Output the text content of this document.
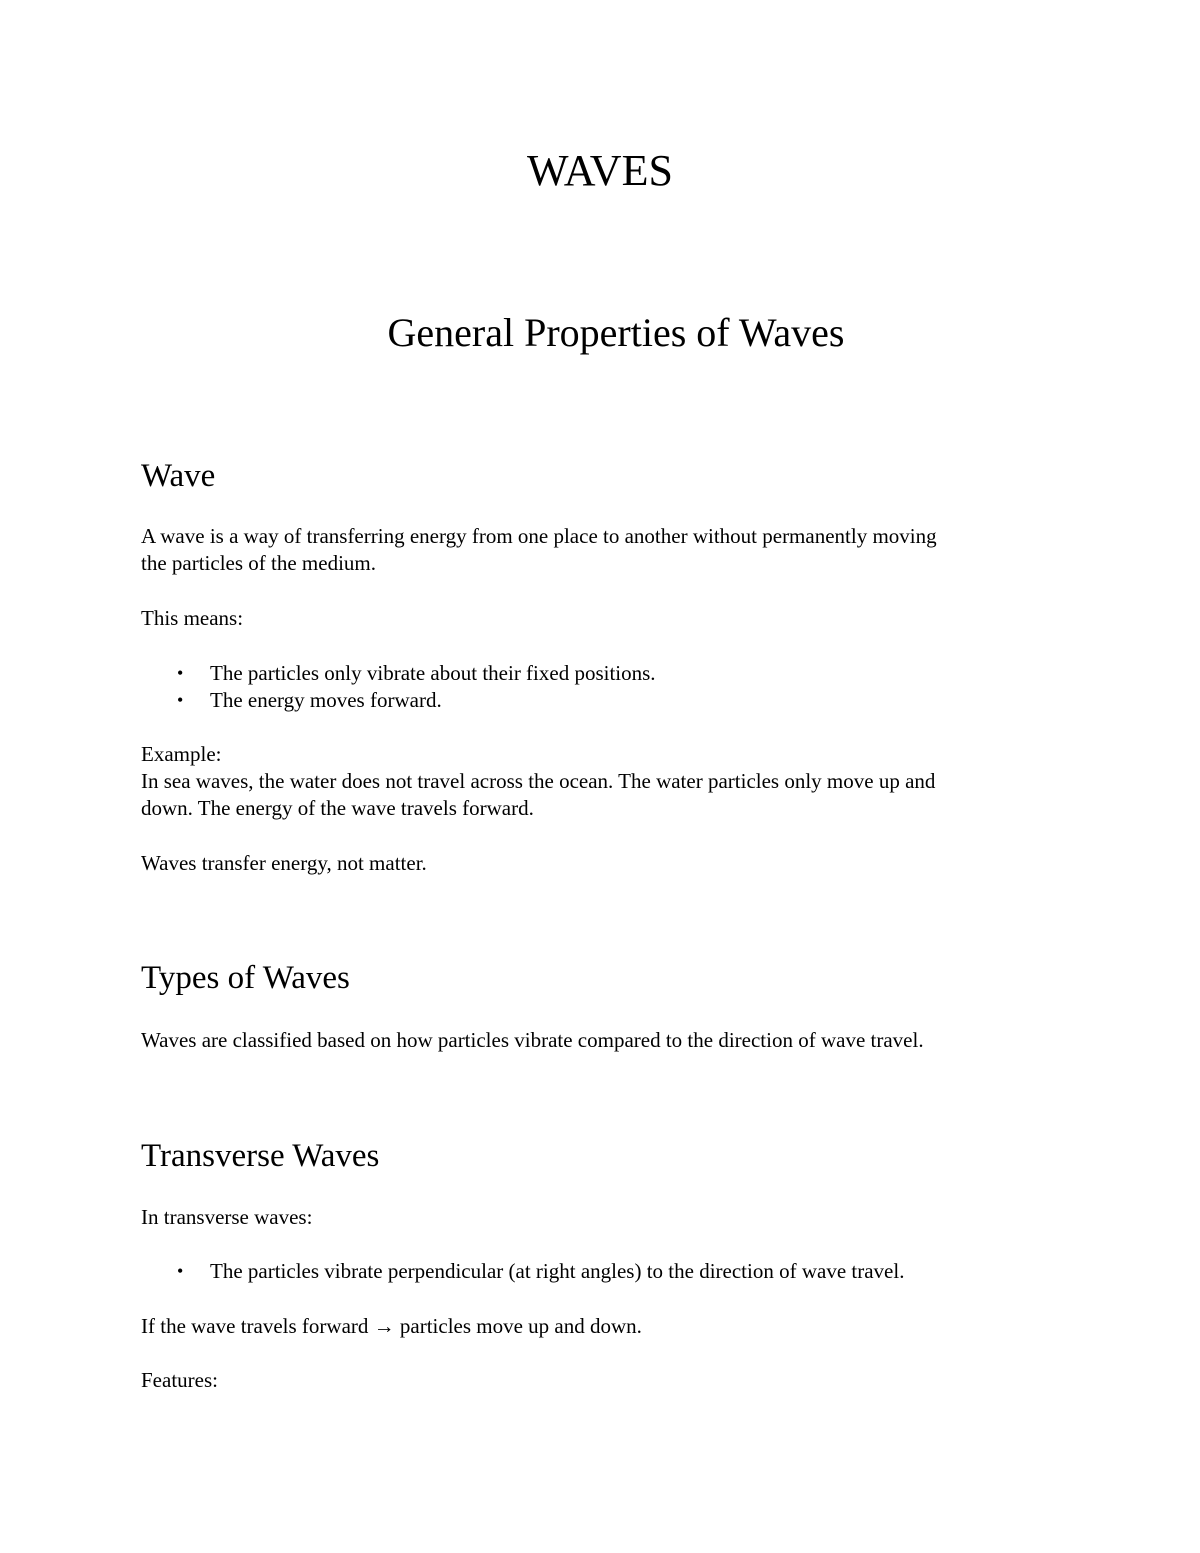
WAVES
General Properties of Waves
Wave

A wave is a way of transferring energy from one place to another without permanently moving

the particles of the medium.

This means:

• The particles only vibrate about their fixed positions.
• The energy moves forward.

Example:

In sea waves, the water does not travel across the ocean. The water particles only move up and

down. The energy of the wave travels forward.

Waves transfer energy, not matter.

Types of Waves

Waves are classified based on how particles vibrate compared to the direction of wave travel.

Transverse Waves

In transverse waves:

• The particles vibrate perpendicular (at right angles) to the direction of wave travel.

If the wave travels forward → particles move up and down.

Features:
